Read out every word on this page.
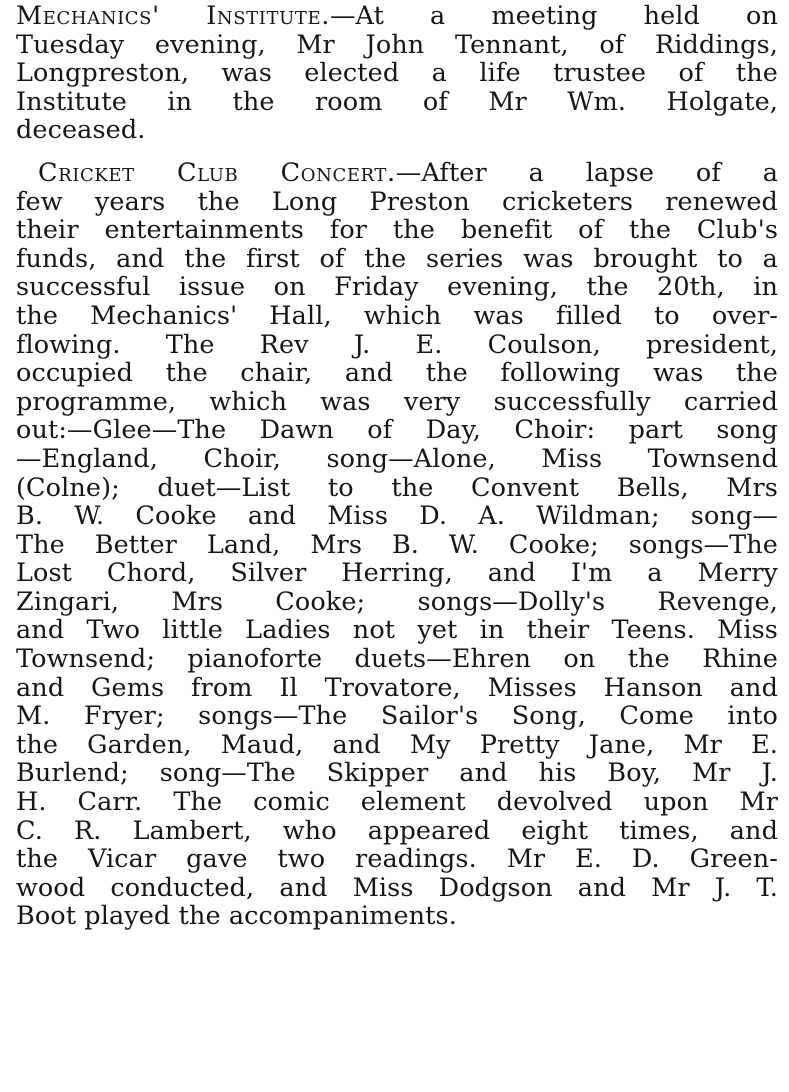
Mechanics' Institute.—At a meeting held on
Tuesday evening, Mr John Tennant, of Riddings,
Longpreston, was elected a life trustee of the
Institute in the room of Mr Wm. Holgate,
deceased.

Cricket Club Concert.—After a lapse of a
few years the Long Preston cricketers renewed
their entertainments for the benefit of the Club's
funds, and the first of the series was brought to a
successful issue on Friday evening, the 20th, in
the Mechanics' Hall, which was filled to over-
flowing. The Rev J. E. Coulson, president,
occupied the chair, and the following was the
programme, which was very successfully carried
out:—Glee—The Dawn of Day, Choir: part song
—England, Choir, song—Alone, Miss Townsend
(Colne); duet—List to the Convent Bells, Mrs
B. W. Cooke and Miss D. A. Wildman; song—
The Better Land, Mrs B. W. Cooke; songs—The
Lost Chord, Silver Herring, and I'm a Merry
Zingari, Mrs Cooke; songs—Dolly's Revenge,
and Two little Ladies not yet in their Teens. Miss
Townsend; pianoforte duets—Ehren on the Rhine
and Gems from Il Trovatore, Misses Hanson and
M. Fryer; songs—The Sailor's Song, Come into
the Garden, Maud, and My Pretty Jane, Mr E.
Burlend; song—The Skipper and his Boy, Mr J.
H. Carr. The comic element devolved upon Mr
C. R. Lambert, who appeared eight times, and
the Vicar gave two readings. Mr E. D. Green-
wood conducted, and Miss Dodgson and Mr J. T.
Boot played the accompaniments.
